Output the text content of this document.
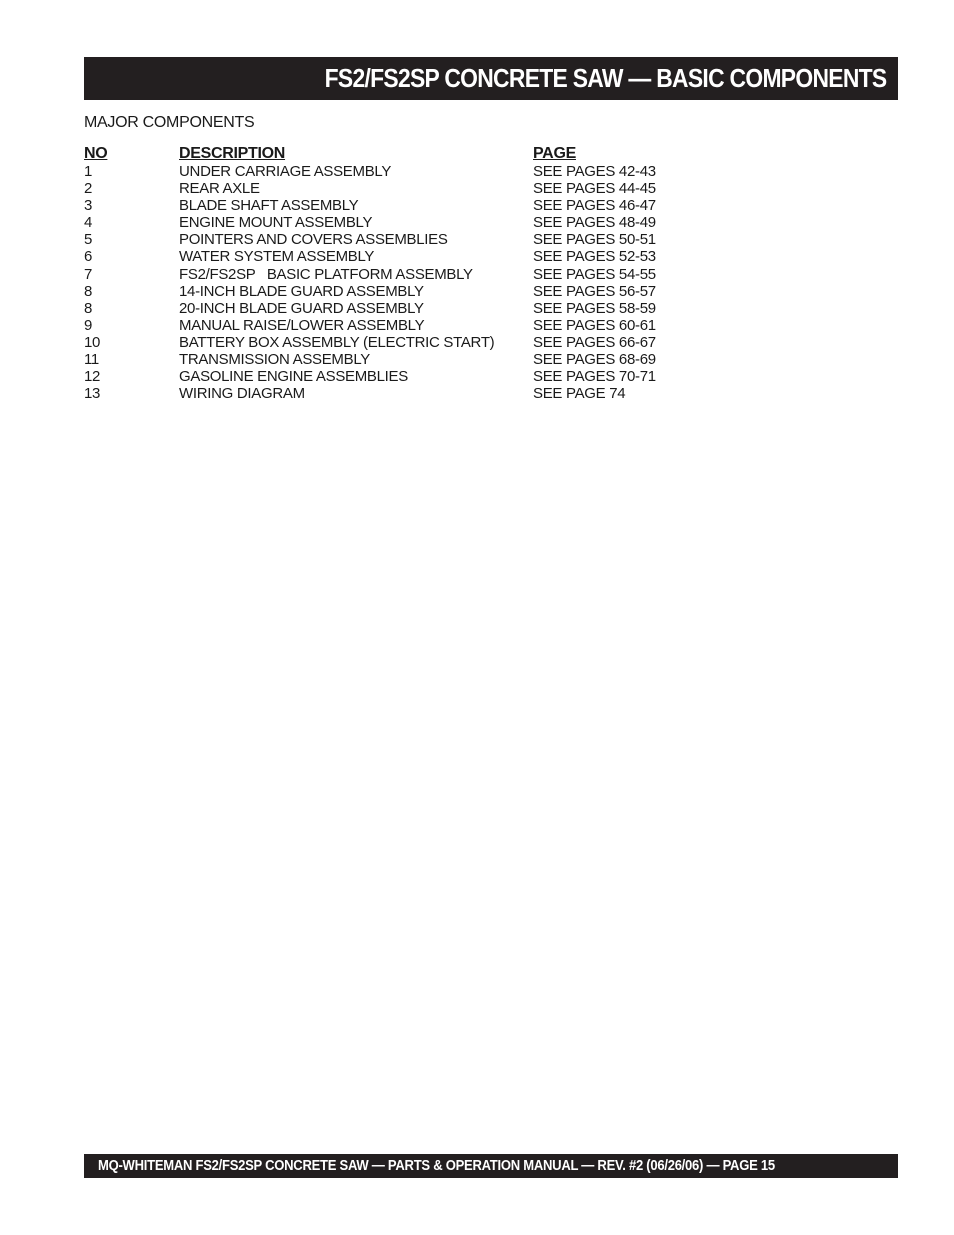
FS2/FS2SP CONCRETE SAW — BASIC COMPONENTS
MAJOR COMPONENTS
NO	DESCRIPTION	PAGE
1	UNDER CARRIAGE ASSEMBLY	SEE PAGES 42-43
2	REAR AXLE	SEE PAGES 44-45
3	BLADE SHAFT ASSEMBLY	SEE PAGES 46-47
4	ENGINE MOUNT ASSEMBLY	SEE PAGES 48-49
5	POINTERS AND COVERS ASSEMBLIES	SEE PAGES 50-51
6	WATER SYSTEM ASSEMBLY	SEE PAGES 52-53
7	FS2/FS2SP   BASIC PLATFORM ASSEMBLY	SEE PAGES 54-55
8	14-INCH BLADE GUARD ASSEMBLY	SEE PAGES 56-57
8	20-INCH BLADE GUARD ASSEMBLY	SEE PAGES 58-59
9	MANUAL RAISE/LOWER ASSEMBLY	SEE PAGES 60-61
10	BATTERY BOX ASSEMBLY (ELECTRIC START)	SEE PAGES 66-67
11	TRANSMISSION ASSEMBLY	SEE PAGES 68-69
12	GASOLINE ENGINE ASSEMBLIES	SEE PAGES 70-71
13	WIRING DIAGRAM	SEE PAGE 74
MQ-WHITEMAN FS2/FS2SP CONCRETE SAW — PARTS & OPERATION MANUAL — REV. #2 (06/26/06) — PAGE 15
